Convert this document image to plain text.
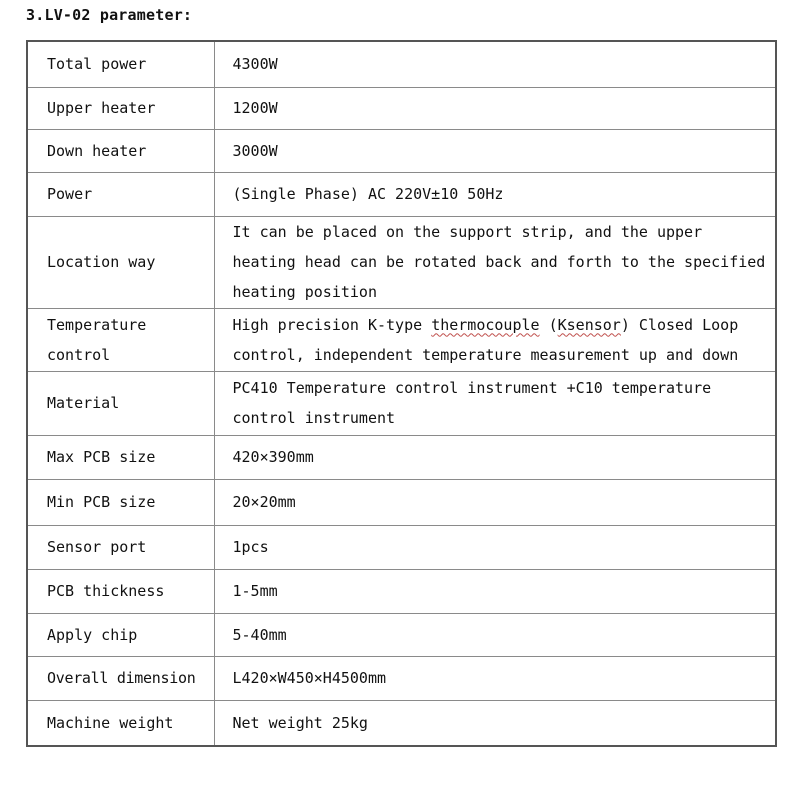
3.LV-02 parameter:
Total power	4300W
Upper heater	1200W
Down heater	3000W
Power	(Single Phase) AC 220V±10 50Hz
Location way	It can be placed on the support strip, and the upper heating head can be rotated back and forth to the specified heating position
Temperature control	High precision K-type thermocouple (Ksensor) Closed Loop control, independent temperature measurement up and down
Material	PC410 Temperature control instrument +C10 temperature control instrument
Max PCB size	420×390mm
Min PCB size	20×20mm
Sensor port	1pcs
PCB thickness	1-5mm
Apply chip	5-40mm
Overall dimension	L420×W450×H4500mm
Machine weight	Net weight 25kg
